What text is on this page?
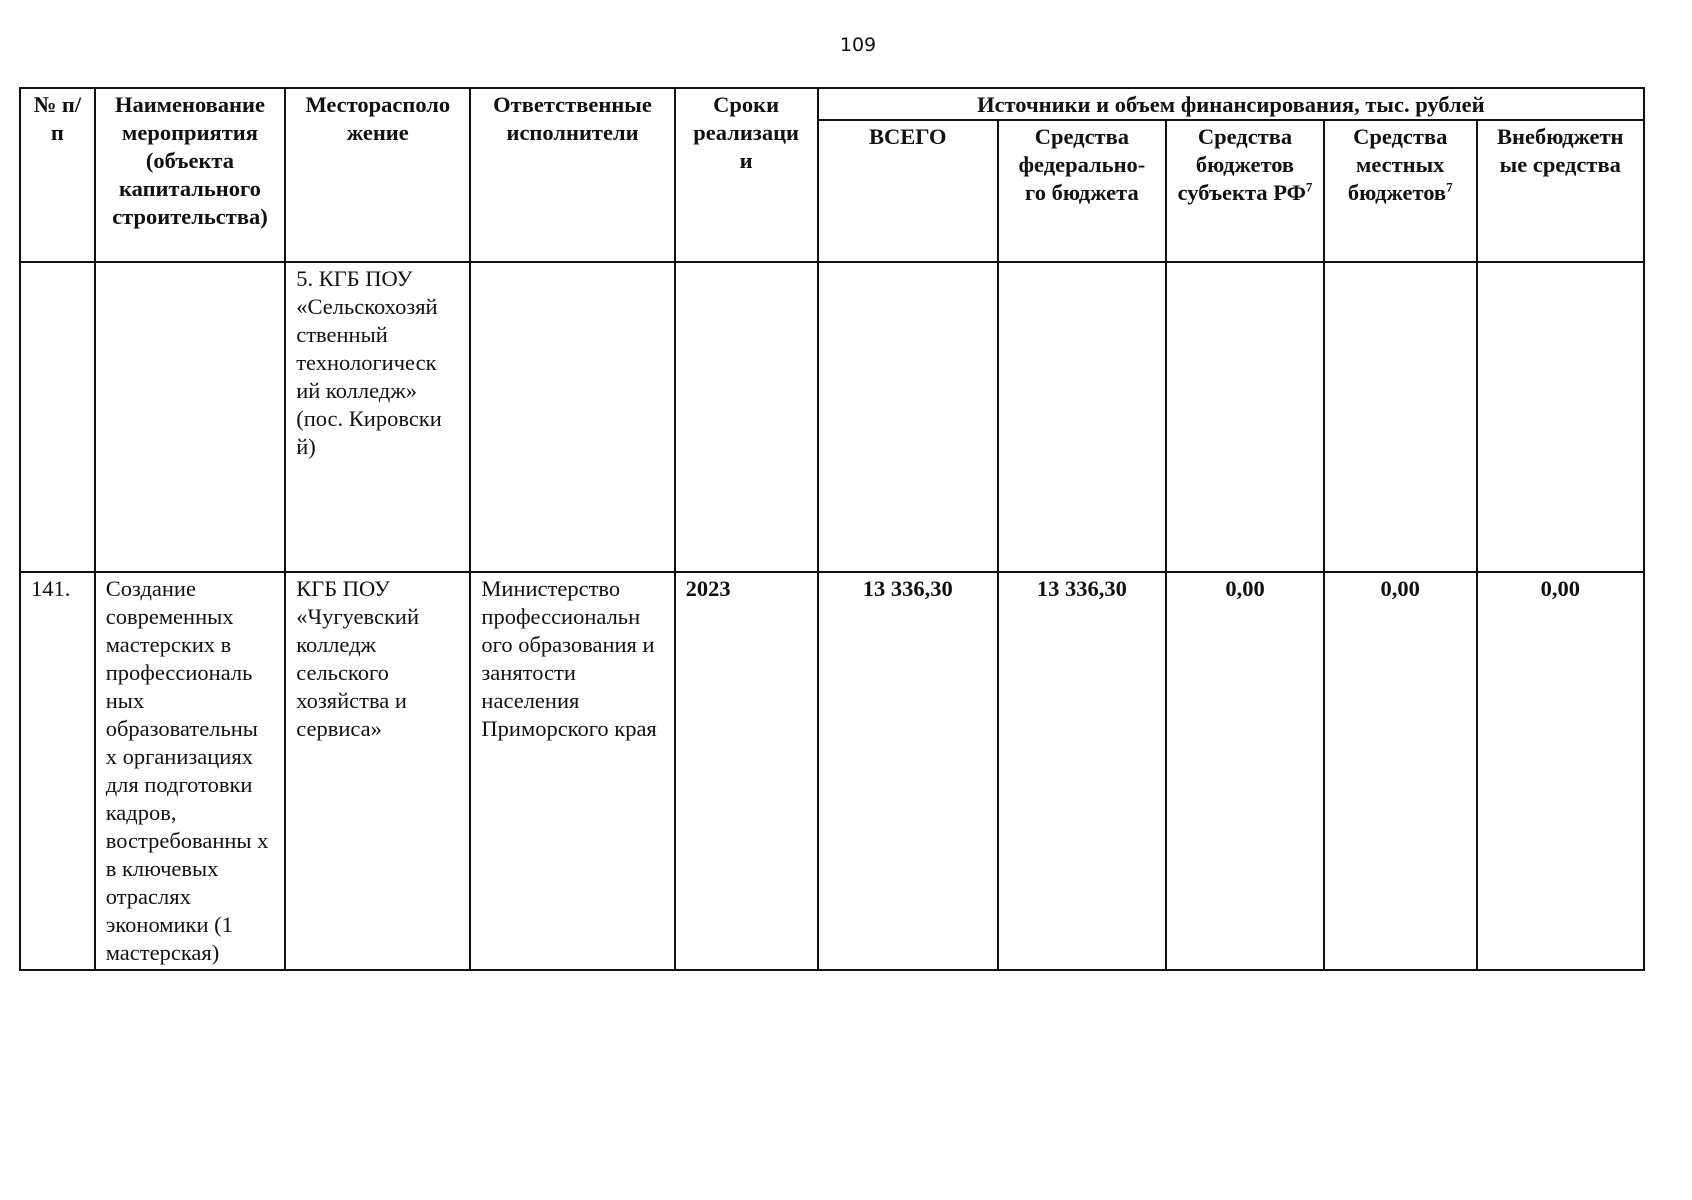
109
№ п/п	Наименование мероприятия (объекта капитального строительства)	Месторасполо жение	Ответственные исполнители	Сроки реализаци и	Источники и объем финансирования, тыс. рублей				
					ВСЕГО	Средства федерально- го бюджета	Средства бюджетов субъекта $РФ^7$	Средства местных бюджетов$^7$	Внебюджетн ые средства
		5. КГБ ПОУ «Сельскохозяй ственный технологическ ий колледж» (пос. Кировски й)							
141.	Создание современных мастерских в профессиональ ных образовательны х организациях для подготовки кадров, востребованны х в ключевых отраслях экономики (1 мастерская)	КГБ ПОУ «Чугуевский колледж сельского хозяйства и сервиса»	Министерство профессиональн ого образования и занятости населения Приморского края	2023	13 336,30	13 336,30	0,00	0,00	0,00
